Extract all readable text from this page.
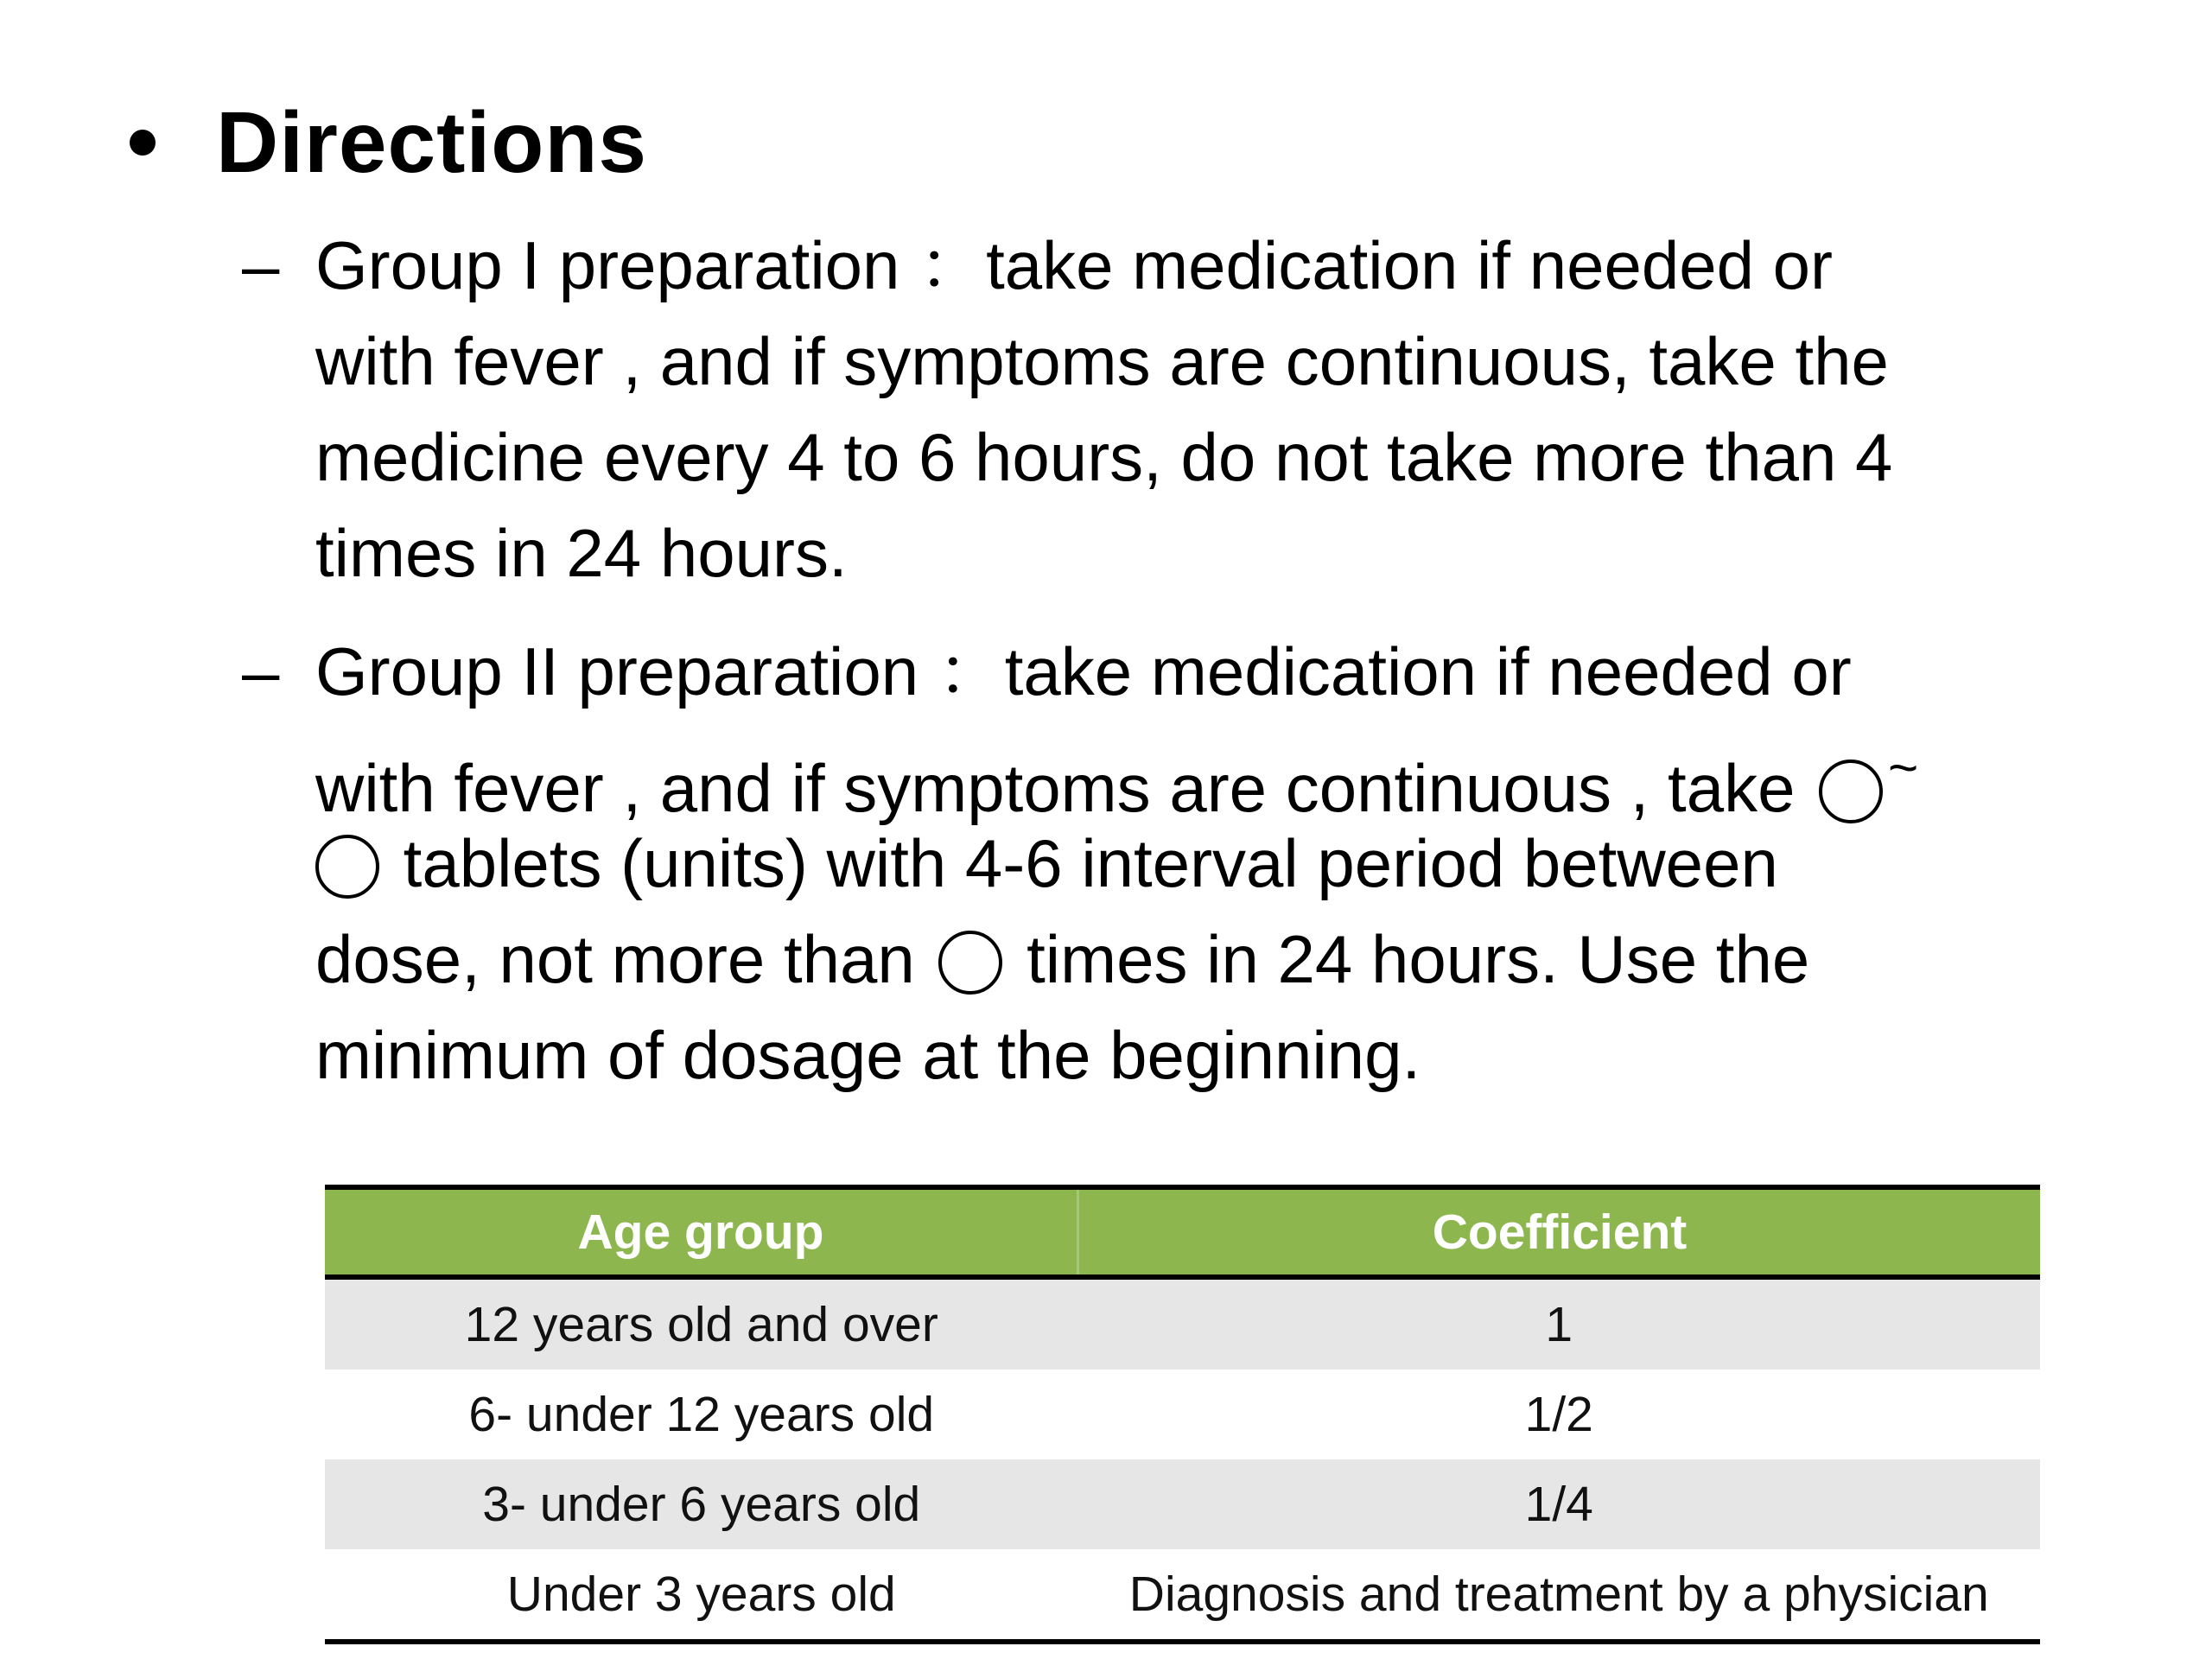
Directions
– Group I preparation ：take medication if needed or
with fever , and if symptoms are continuous, take the
medicine every 4 to 6 hours, do not take more than 4
times in 24 hours.
– Group II preparation ：take medication if needed or
with fever , and if symptoms are continuous , take ~
tablets (units) with 4-6 interval period between
dose, not more than  times in 24 hours. Use the
minimum of dosage at the beginning.
Age group	Coefficient
12 years old and over	1
6- under 12 years old	1/2
3- under 6 years old	1/4
Under 3 years old	Diagnosis and treatment by a physician
